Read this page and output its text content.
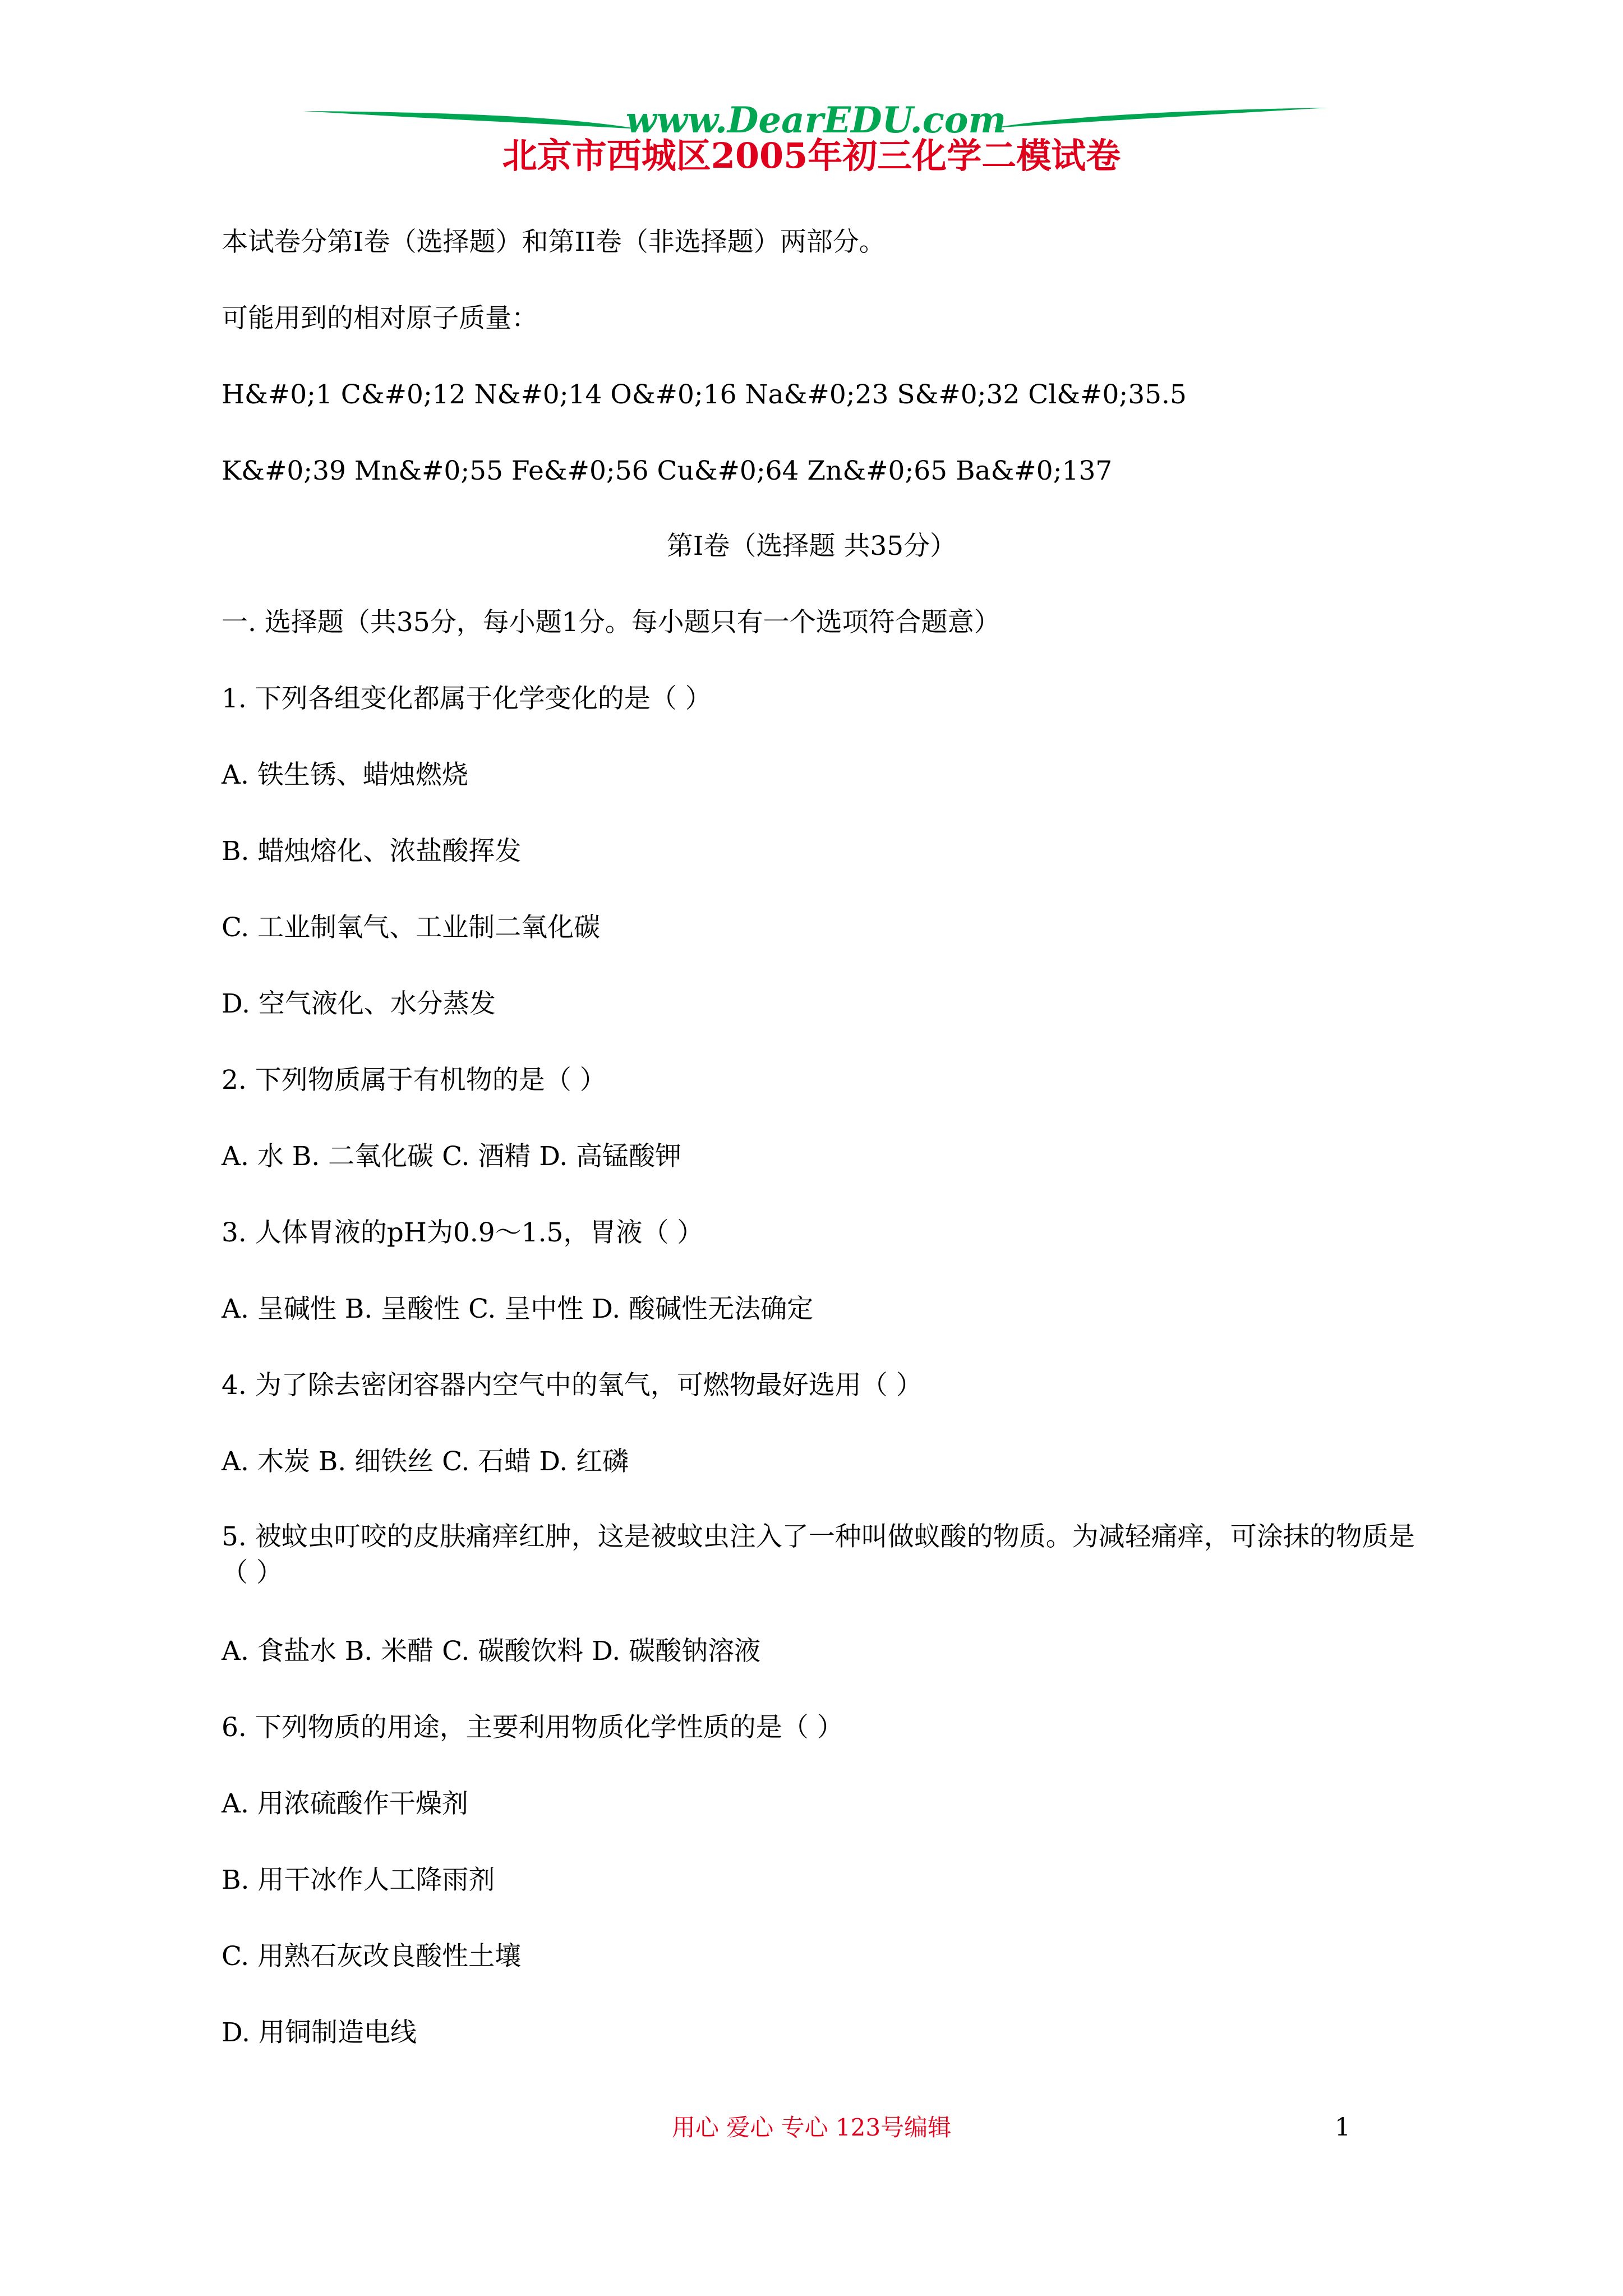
www.DearEDU.com
北京市西城区2005年初三化学二模试卷
本试卷分第I卷（选择题）和第II卷（非选择题）两部分。
可能用到的相对原子质量：
H&#0;1 C&#0;12 N&#0;14 O&#0;16 Na&#0;23 S&#0;32 Cl&#0;35.5
K&#0;39 Mn&#0;55 Fe&#0;56 Cu&#0;64 Zn&#0;65 Ba&#0;137
第I卷（选择题 共35分）
一. 选择题（共35分，每小题1分。每小题只有一个选项符合题意）
1. 下列各组变化都属于化学变化的是（ ）
A. 铁生锈、蜡烛燃烧
B. 蜡烛熔化、浓盐酸挥发
C. 工业制氧气、工业制二氧化碳
D. 空气液化、水分蒸发
2. 下列物质属于有机物的是（ ）
A. 水 B. 二氧化碳 C. 酒精 D. 高锰酸钾
3. 人体胃液的pH为0.9～1.5，胃液（ ）
A. 呈碱性 B. 呈酸性 C. 呈中性 D. 酸碱性无法确定
4. 为了除去密闭容器内空气中的氧气，可燃物最好选用（ ）
A. 木炭 B. 细铁丝 C. 石蜡 D. 红磷
5. 被蚊虫叮咬的皮肤痛痒红肿，这是被蚊虫注入了一种叫做蚁酸的物质。为减轻痛痒，可涂抹的物质是（ ）
A. 食盐水 B. 米醋 C. 碳酸饮料 D. 碳酸钠溶液
6. 下列物质的用途，主要利用物质化学性质的是（ ）
A. 用浓硫酸作干燥剂
B. 用干冰作人工降雨剂
C. 用熟石灰改良酸性土壤
D. 用铜制造电线
用心 爱心 专心 123号编辑	1
